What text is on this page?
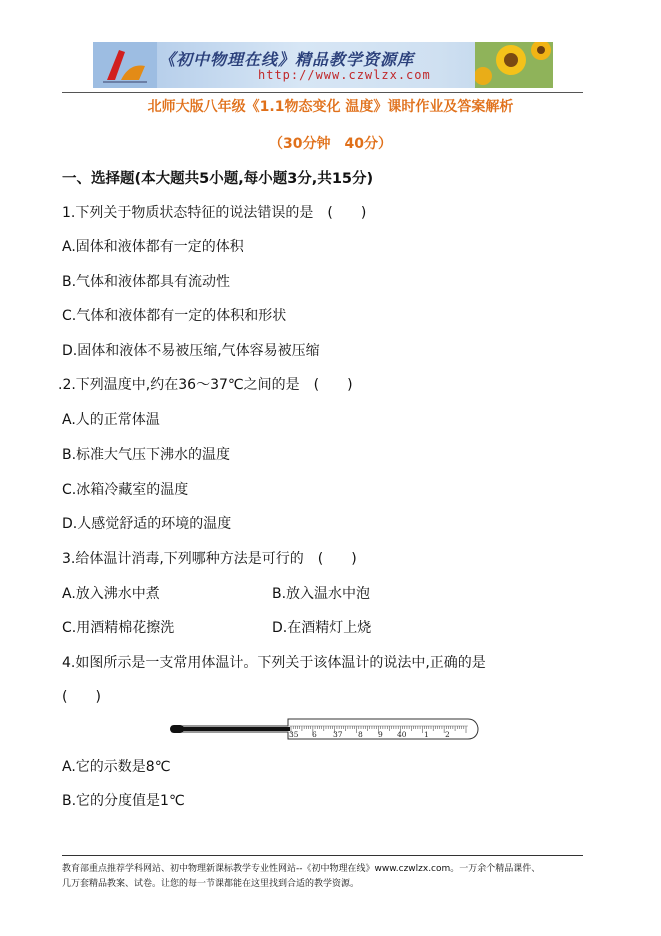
《初中物理在线》精品教学资源库
http://www.czwlzx.com
北师大版八年级《1.1物态变化 温度》课时作业及答案解析
（30分钟　40分）
一、选择题(本大题共5小题,每小题3分,共15分)
1.下列关于物质状态特征的说法错误的是　(　　)
A.固体和液体都有一定的体积
B.气体和液体都具有流动性
C.气体和液体都有一定的体积和形状
D.固体和液体不易被压缩,气体容易被压缩
.2.下列温度中,约在36～37℃之间的是　(　　)
A.人的正常体温
B.标准大气压下沸水的温度
C.冰箱冷藏室的温度
D.人感觉舒适的环境的温度
3.给体温计消毒,下列哪种方法是可行的　(　　)
A.放入沸水中煮	B.放入温水中泡
C.用酒精棉花擦洗	D.在酒精灯上烧
4.如图所示是一支常用体温计。下列关于该体温计的说法中,正确的是
(　　)
35 6 37 8 9 40 1 2
A.它的示数是8℃
B.它的分度值是1℃
教育部重点推荐学科网站、初中物理新课标教学专业性网站--《初中物理在线》www.czwlzx.com。一万余个精品课件、
几万套精品教案、试卷。让您的每一节课都能在这里找到合适的教学资源。
